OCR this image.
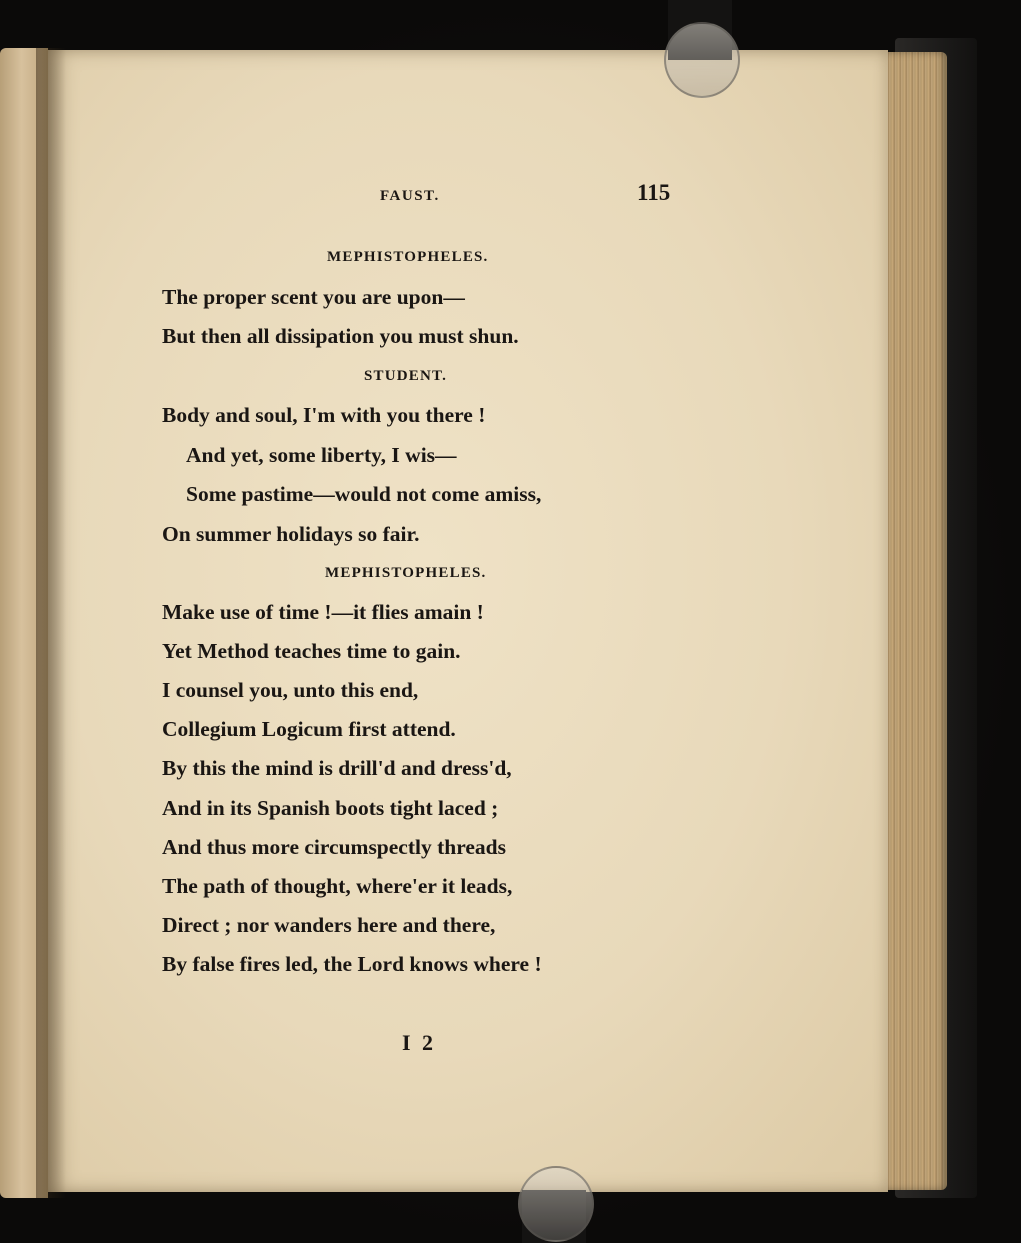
FAUST.	115
MEPHISTOPHELES.
The proper scent you are upon—
But then all dissipation you must shun.
STUDENT.
Body and soul, I'm with you there !
And yet, some liberty, I wis—
Some pastime—would not come amiss,
On summer holidays so fair.
MEPHISTOPHELES.
Make use of time !—it flies amain !
Yet Method teaches time to gain.
I counsel you, unto this end,
Collegium Logicum first attend.
By this the mind is drill'd and dress'd,
And in its Spanish boots tight laced ;
And thus more circumspectly threads
The path of thought, where'er it leads,
Direct ; nor wanders here and there,
By false fires led, the Lord knows where !
I 2
